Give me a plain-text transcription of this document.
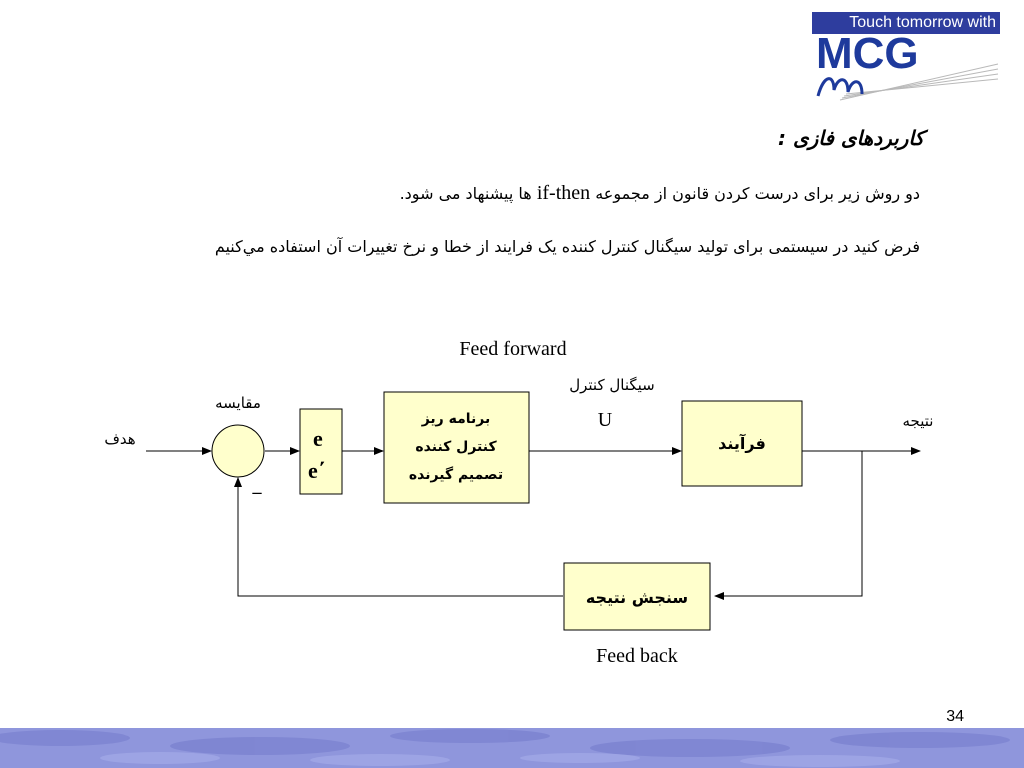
Touch tomorrow with
MCG
کاربردهای فازی :
دو روش زیر برای درست کردن قانون از مجموعه if-then ها پیشنهاد می شود.
فرض کنید در سیستمی برای تولید سیگنال کنترل کننده یک فرایند از خطا و نرخ تغییرات آن استفاده مي‌کنیم
Feed forward
سیگنال کنترل
U
هدف
مقایسه
نتیجه
_
Feed back
e
e΄
برنامه ریز
کنترل کننده
تصمیم گیرنده
فرآیند
سنجش نتیجه
34
